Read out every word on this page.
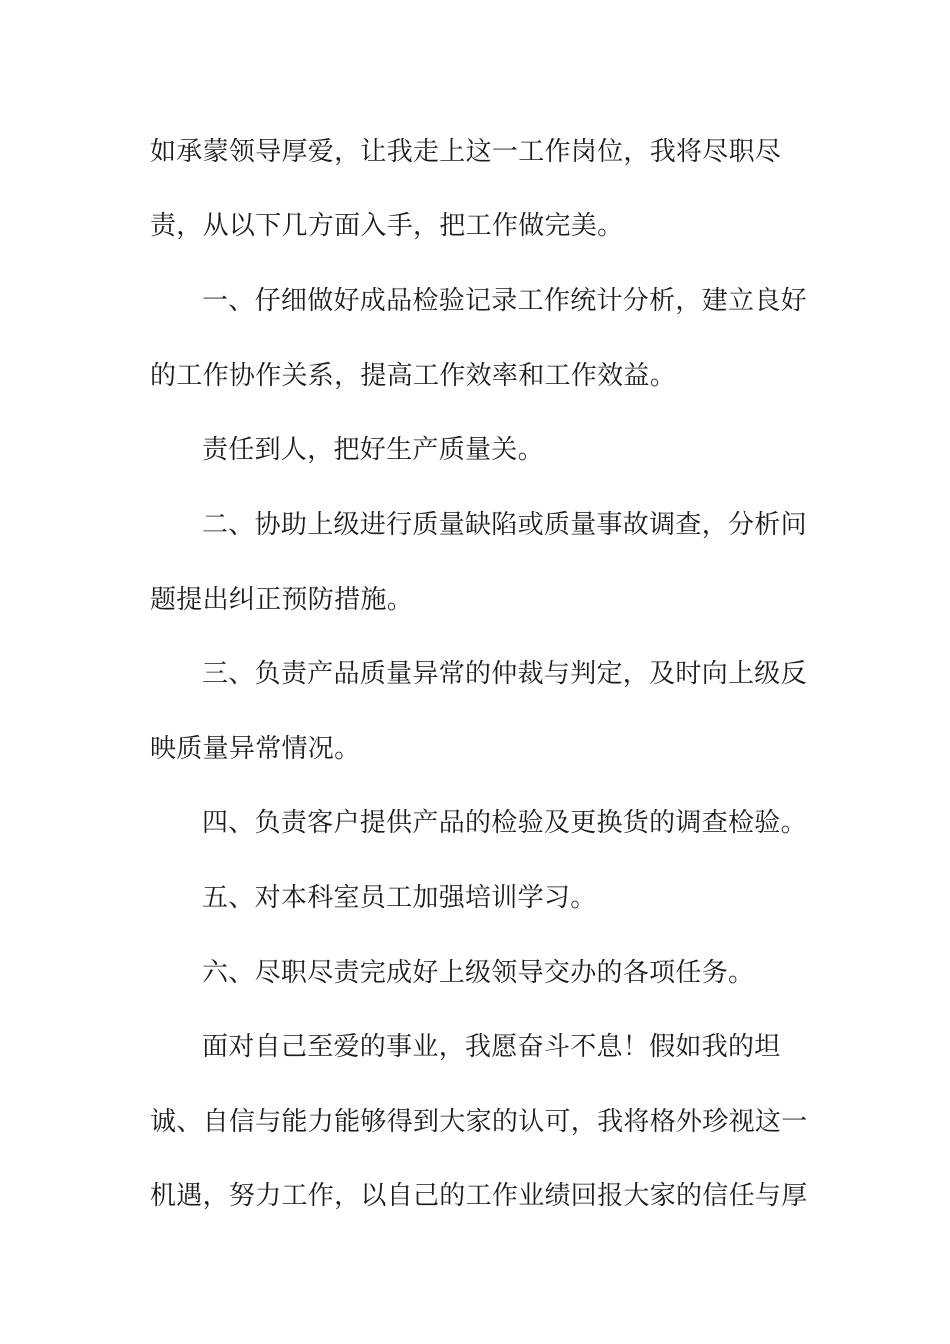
如承蒙领导厚爱，让我走上这一工作岗位，我将尽职尽
责，从以下几方面入手，把工作做完美。
一、仔细做好成品检验记录工作统计分析，建立良好
的工作协作关系，提高工作效率和工作效益。
责任到人，把好生产质量关。
二、协助上级进行质量缺陷或质量事故调查，分析问
题提出纠正预防措施。
三、负责产品质量异常的仲裁与判定，及时向上级反
映质量异常情况。
四、负责客户提供产品的检验及更换货的调查检验。
五、对本科室员工加强培训学习。
六、尽职尽责完成好上级领导交办的各项任务。
面对自己至爱的事业，我愿奋斗不息！假如我的坦
诚、自信与能力能够得到大家的认可，我将格外珍视这一
机遇，努力工作，以自己的工作业绩回报大家的信任与厚
